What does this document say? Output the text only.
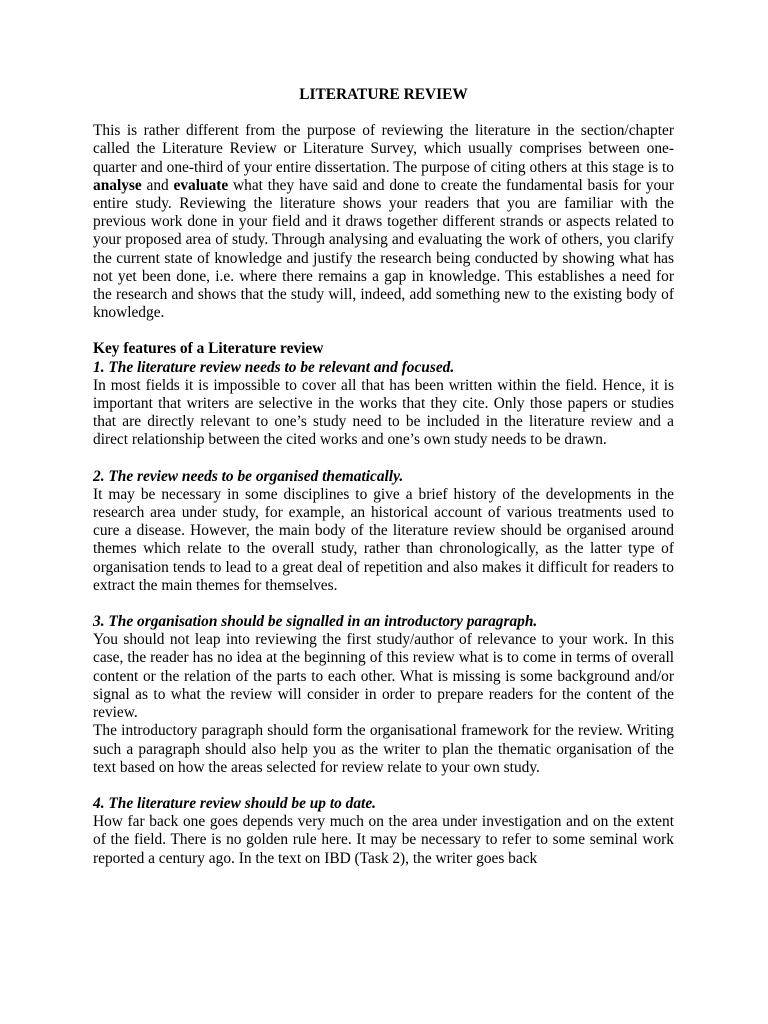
LITERATURE REVIEW

This is rather different from the purpose of reviewing the literature in the section/chapter called the Literature Review or Literature Survey, which usually comprises between one-quarter and one-third of your entire dissertation. The purpose of citing others at this stage is to analyse and evaluate what they have said and done to create the fundamental basis for your entire study. Reviewing the literature shows your readers that you are familiar with the previous work done in your field and it draws together different strands or aspects related to your proposed area of study. Through analysing and evaluating the work of others, you clarify the current state of knowledge and justify the research being conducted by showing what has not yet been done, i.e. where there remains a gap in knowledge. This establishes a need for the research and shows that the study will, indeed, add something new to the existing body of knowledge.

Key features of a Literature review
1. The literature review needs to be relevant and focused.

In most fields it is impossible to cover all that has been written within the field. Hence, it is important that writers are selective in the works that they cite. Only those papers or studies that are directly relevant to one’s study need to be included in the literature review and a direct relationship between the cited works and one’s own study needs to be drawn.

2. The review needs to be organised thematically.

It may be necessary in some disciplines to give a brief history of the developments in the research area under study, for example, an historical account of various treatments used to cure a disease. However, the main body of the literature review should be organised around themes which relate to the overall study, rather than chronologically, as the latter type of organisation tends to lead to a great deal of repetition and also makes it difficult for readers to extract the main themes for themselves.

3. The organisation should be signalled in an introductory paragraph.

You should not leap into reviewing the first study/author of relevance to your work. In this case, the reader has no idea at the beginning of this review what is to come in terms of overall content or the relation of the parts to each other. What is missing is some background and/or signal as to what the review will consider in order to prepare readers for the content of the review.

The introductory paragraph should form the organisational framework for the review. Writing such a paragraph should also help you as the writer to plan the thematic organisation of the text based on how the areas selected for review relate to your own study.

4. The literature review should be up to date.

How far back one goes depends very much on the area under investigation and on the extent of the field. There is no golden rule here. It may be necessary to refer to some seminal work reported a century ago. In the text on IBD (Task 2), the writer goes back
